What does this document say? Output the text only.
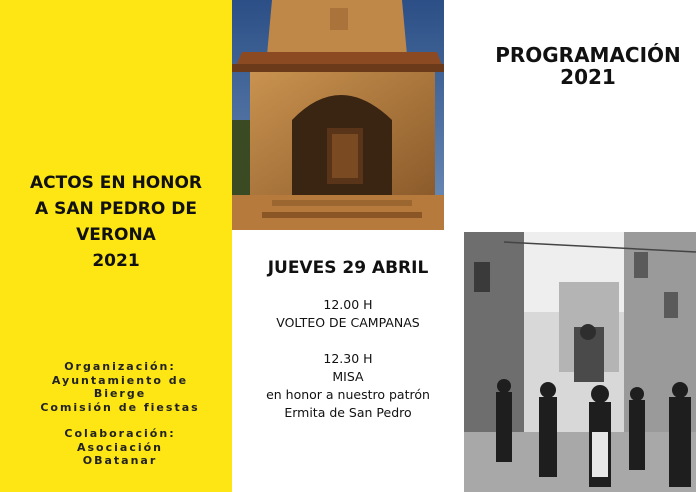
ACTOS EN HONOR
A SAN PEDRO DE
VERONA
2021
Organización:
Ayuntamiento de
Bierge
Comisión de fiestas
Colaboración:
Asociación
OBatanar
PROGRAMACIÓN
2021
JUEVES 29 ABRIL
12.00 H
VOLTEO DE CAMPANAS
12.30 H
MISA
en honor a nuestro patrón
Ermita de San Pedro
